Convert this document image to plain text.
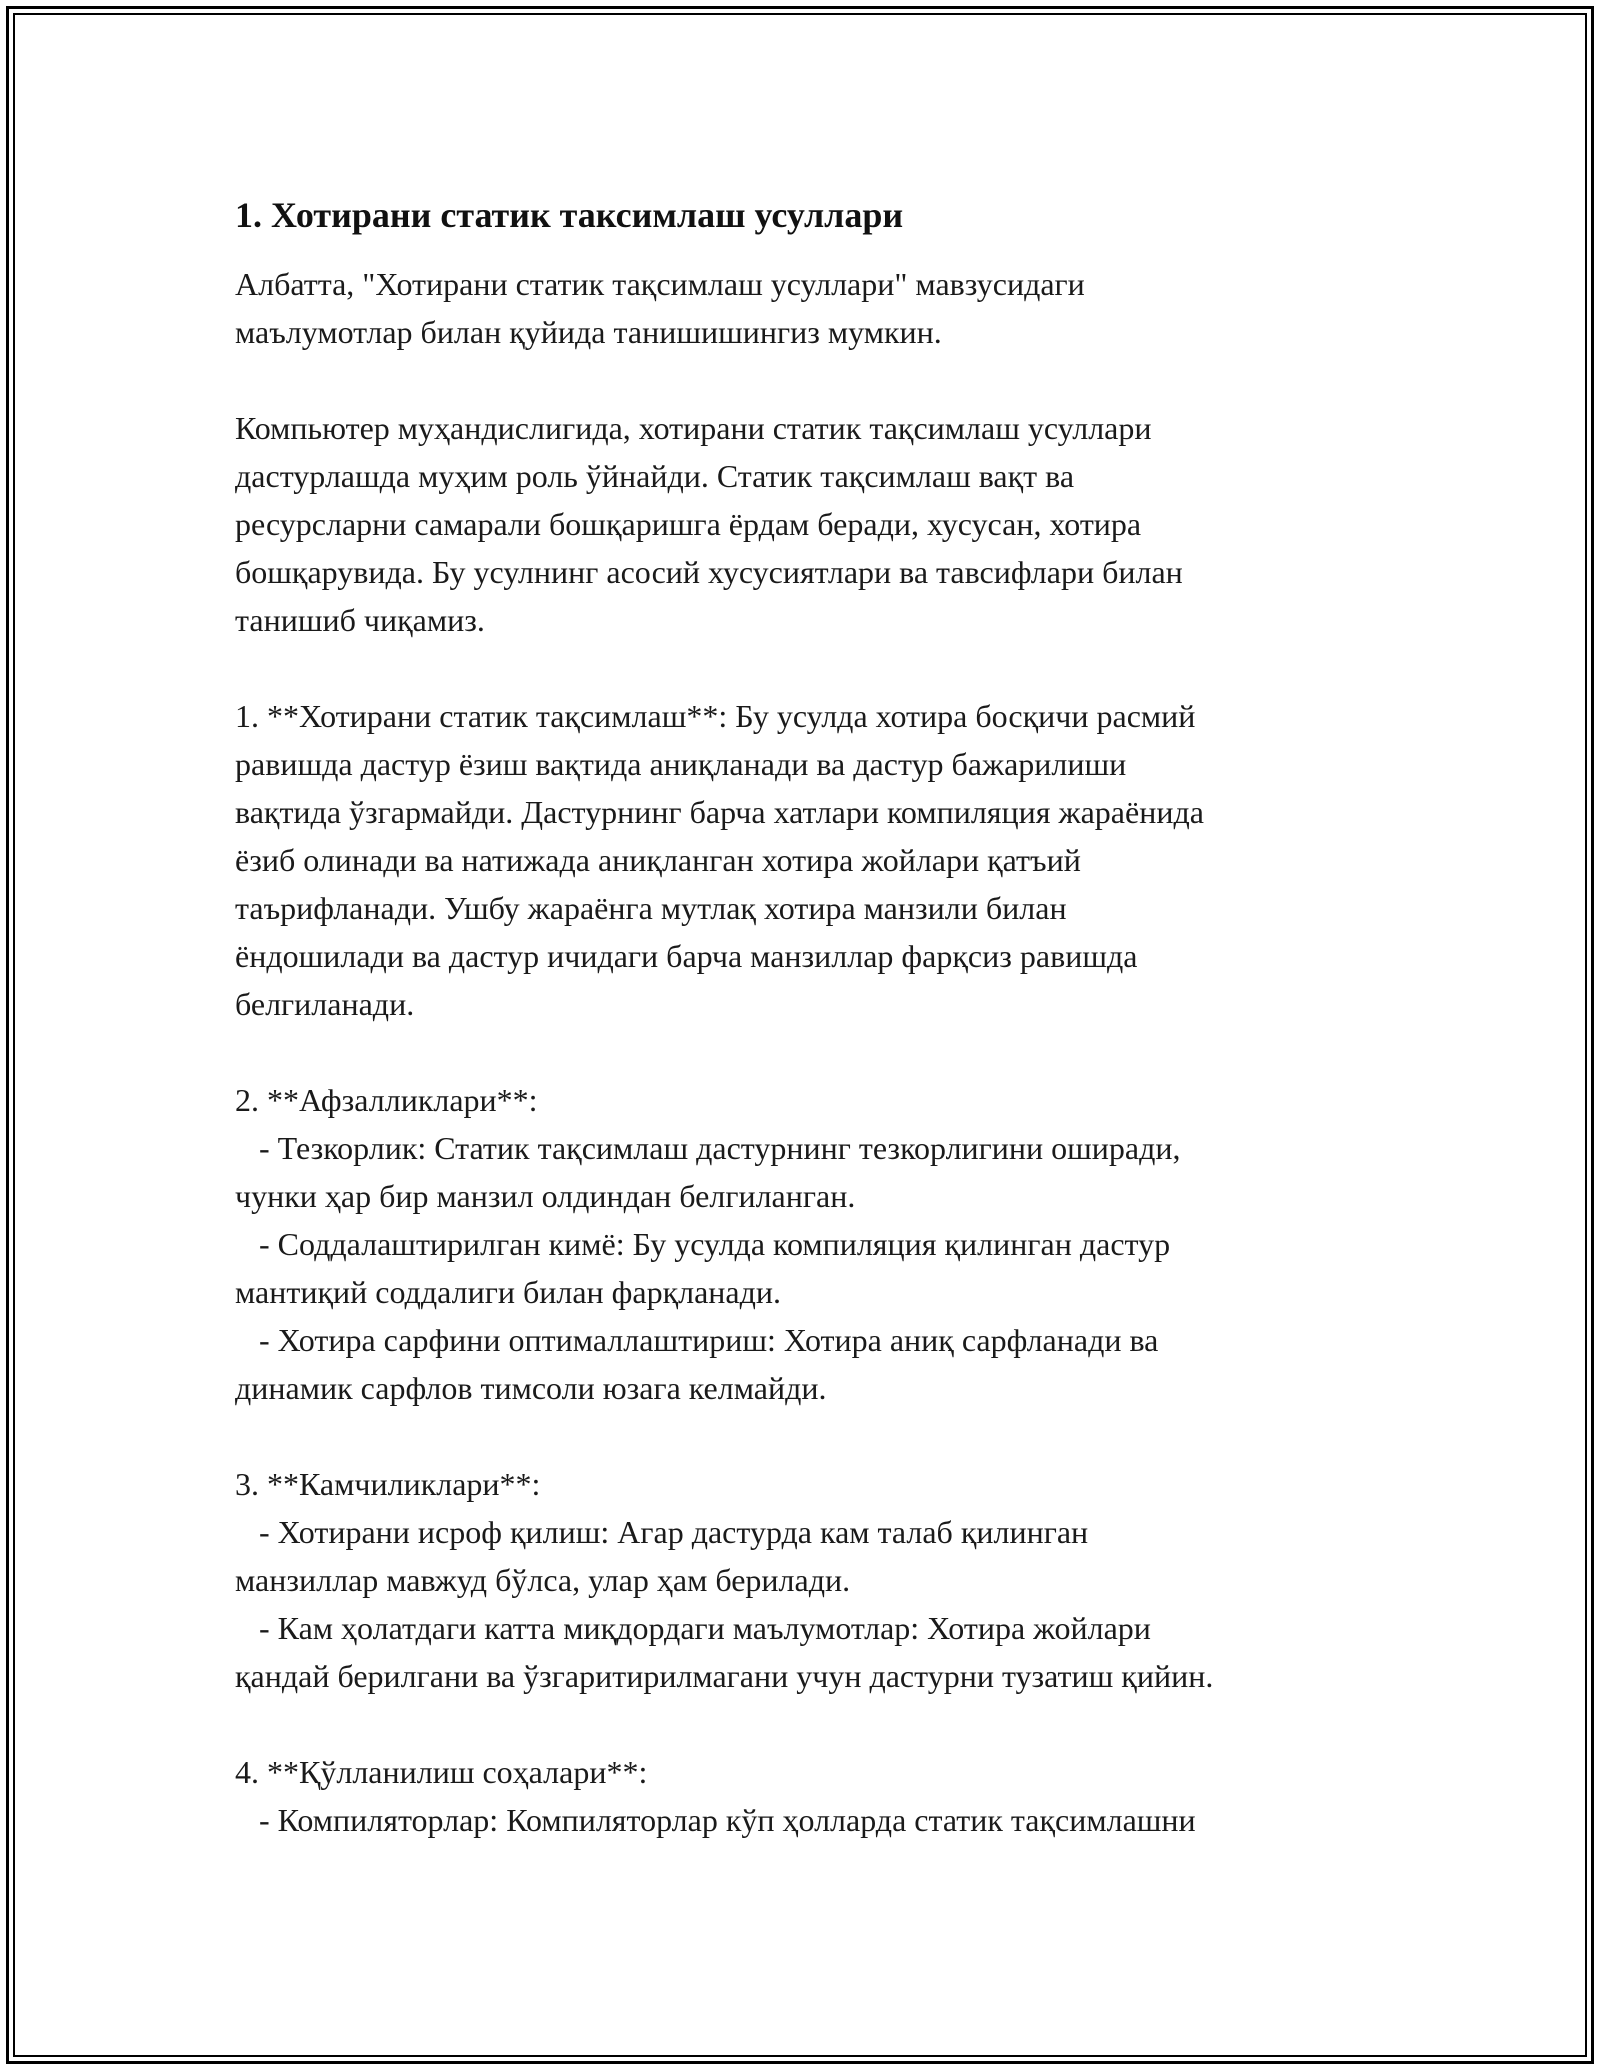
1. Хотирани статик таксимлаш усуллари

Албатта, "Хотирани статик тақсимлаш усуллари" мавзусидаги
маълумотлар билан қуйида танишишингиз мумкин.

Компьютер муҳандислигида, хотирани статик тақсимлаш усуллари
дастурлашда муҳим роль ўйнайди. Статик тақсимлаш вақт ва
ресурсларни самарали бошқаришга ёрдам беради, хусусан, хотира
бошқарувида. Бу усулнинг асосий хусусиятлари ва тавсифлари билан
танишиб чиқамиз.

1. **Хотирани статик тақсимлаш**: Бу усулда хотира босқичи расмий
равишда дастур ёзиш вақтида аниқланади ва дастур бажарилиши
вақтида ўзгармайди. Дастурнинг барча хатлари компиляция жараёнида
ёзиб олинади ва натижада аниқланган хотира жойлари қатъий
таърифланади. Ушбу жараёнга мутлақ хотира манзили билан
ёндошилади ва дастур ичидаги барча манзиллар фарқсиз равишда
белгиланади.

2. **Афзалликлари**:
- Тезкорлик: Статик тақсимлаш дастурнинг тезкорлигини оширади,
чунки ҳар бир манзил олдиндан белгиланган.
- Соддалаштирилган кимё: Бу усулда компиляция қилинган дастур
мантиқий соддалиги билан фарқланади.
- Хотира сарфини оптималлаштириш: Хотира аниқ сарфланади ва
динамик сарфлов тимсоли юзага келмайди.

3. **Камчиликлари**:
- Хотирани исроф қилиш: Агар дастурда кам талаб қилинган
манзиллар мавжуд бўлса, улар ҳам берилади.
- Кам ҳолатдаги катта миқдордаги маълумотлар: Хотира жойлари
қандай берилгани ва ўзгаритирилмагани учун дастурни тузатиш қийин.

4. **Қўлланилиш соҳалари**:
- Компиляторлар: Компиляторлар кўп ҳолларда статик тақсимлашни
